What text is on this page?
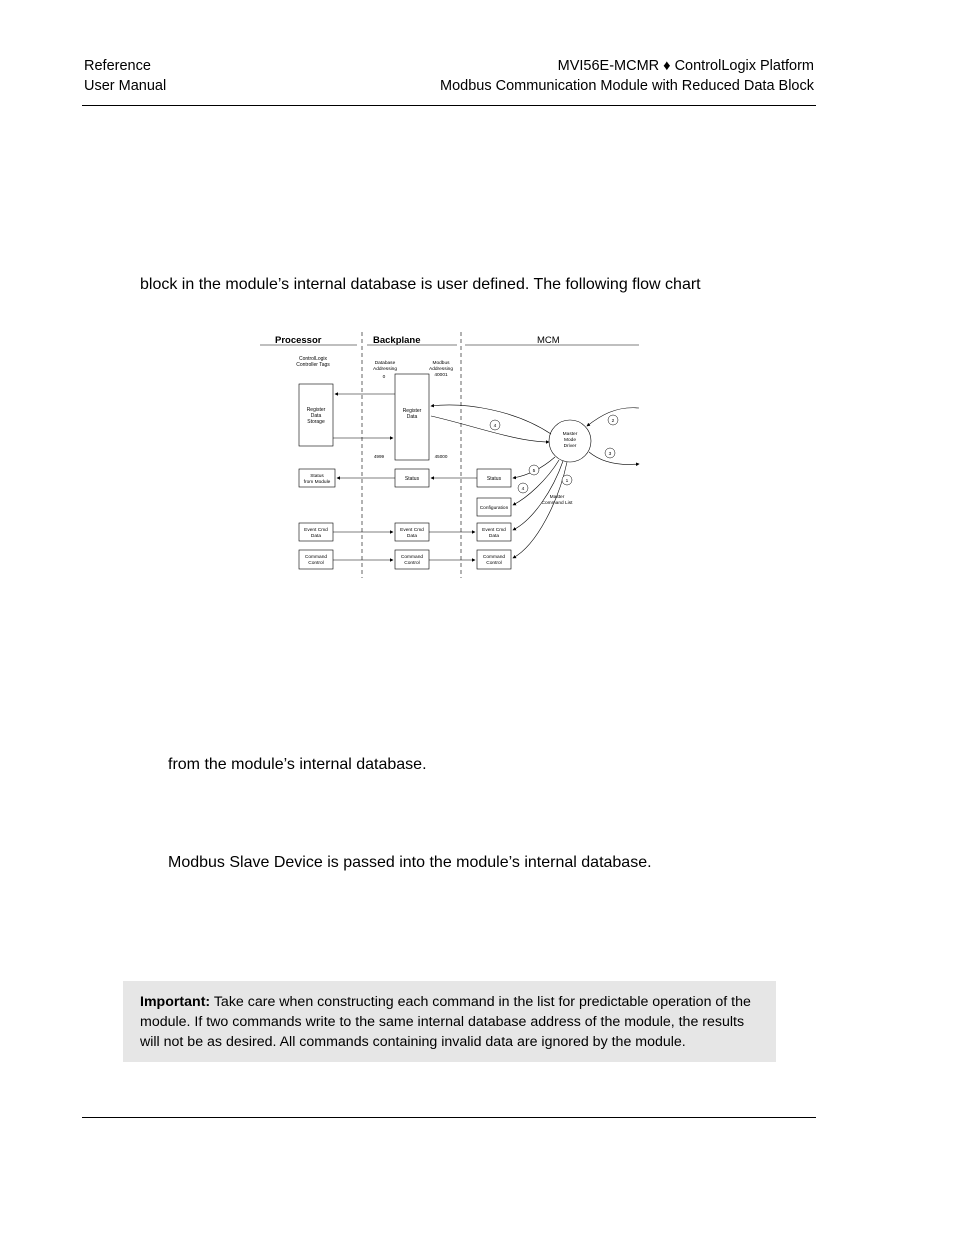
Reference
User Manual
MVI56E-MCMR ♦ ControlLogix Platform
Modbus Communication Module with Reduced Data Block
block in the module’s internal database is user defined. The following flow chart
Processor	Backplane	MCM
ControlLogix
Controller Tags	Database
Addressing
0
Modbus
Addressing
40001
Register
Data
Storage
Register
Data
4999	45000
Master
Mode
Driver
4
2
3
Status
from Module
Status	Status
Configuration
Master
Command List
5
4
1
Event Cmd
Data
Event Cmd
Data
Event Cmd
Data
Command
Control
Command
Control
Command
Control
from the module’s internal database.
Modbus Slave Device is passed into the module’s internal database.
Important: Take care when constructing each command in the list for predictable operation of the module. If two commands write to the same internal database address of the module, the results will not be as desired. All commands containing invalid data are ignored by the module.
